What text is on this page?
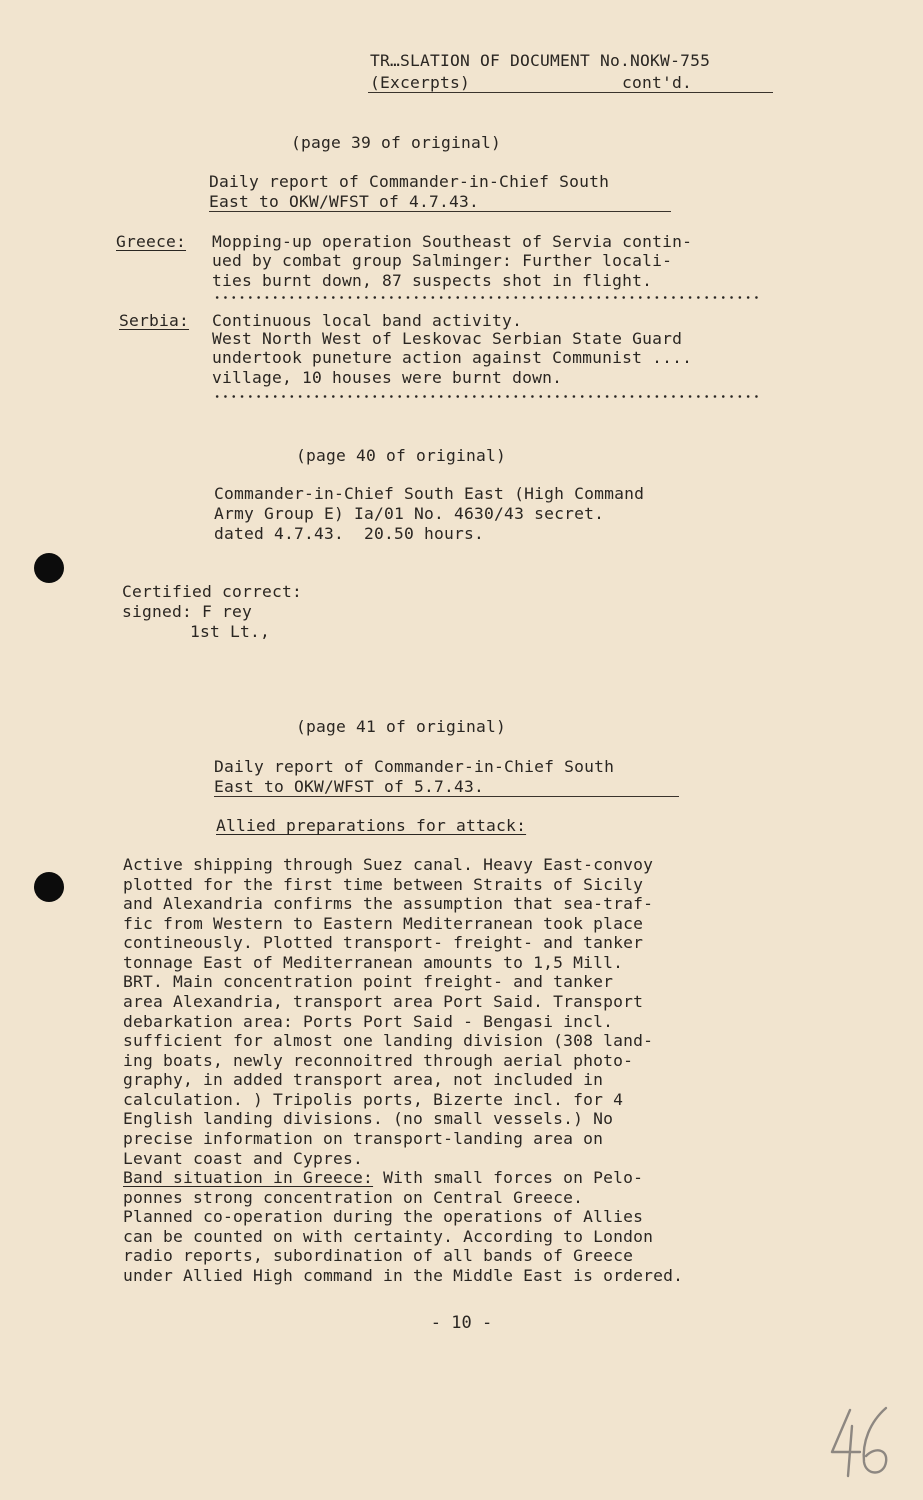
TR…SLATION OF DOCUMENT No.NOKW-755
(Excerpts)	cont'd.
(page 39 of original)
Daily report of Commander-in-Chief South
East to OKW/WFST of 4.7.43.
Greece: Mopping-up operation Southeast of Servia contin-
ued by combat group Salminger: Further locali-
ties burnt down, 87 suspects shot in flight.
Serbia: Continuous local band activity.
West North West of Leskovac Serbian State Guard
undertook puneture action against Communist ....
village, 10 houses were burnt down.
(page 40 of original)
Commander-in-Chief South East (High Command
Army Group E) Ia/01 No. 4630/43 secret.
dated 4.7.43.  20.50 hours.
Certified correct:
signed: F rey
1st Lt.,
(page 41 of original)
Daily report of Commander-in-Chief South
East to OKW/WFST of 5.7.43.
Allied preparations for attack:
Active shipping through Suez canal. Heavy East-convoy
plotted for the first time between Straits of Sicily
and Alexandria confirms the assumption that sea-traf-
fic from Western to Eastern Mediterranean took place
contineously. Plotted transport- freight- and tanker
tonnage East of Mediterranean amounts to 1,5 Mill.
BRT. Main concentration point freight- and tanker
area Alexandria, transport area Port Said. Transport
debarkation area: Ports Port Said - Bengasi incl.
sufficient for almost one landing division (308 land-
ing boats, newly reconnoitred through aerial photo-
graphy, in added transport area, not included in
calculation. ) Tripolis ports, Bizerte incl. for 4
English landing divisions. (no small vessels.) No
precise information on transport-landing area on
Levant coast and Cypres.
Band situation in Greece: With small forces on Pelo-
ponnes strong concentration on Central Greece.
Planned co-operation during the operations of Allies
can be counted on with certainty. According to London
radio reports, subordination of all bands of Greece
under Allied High command in the Middle East is ordered.
- 10 -
